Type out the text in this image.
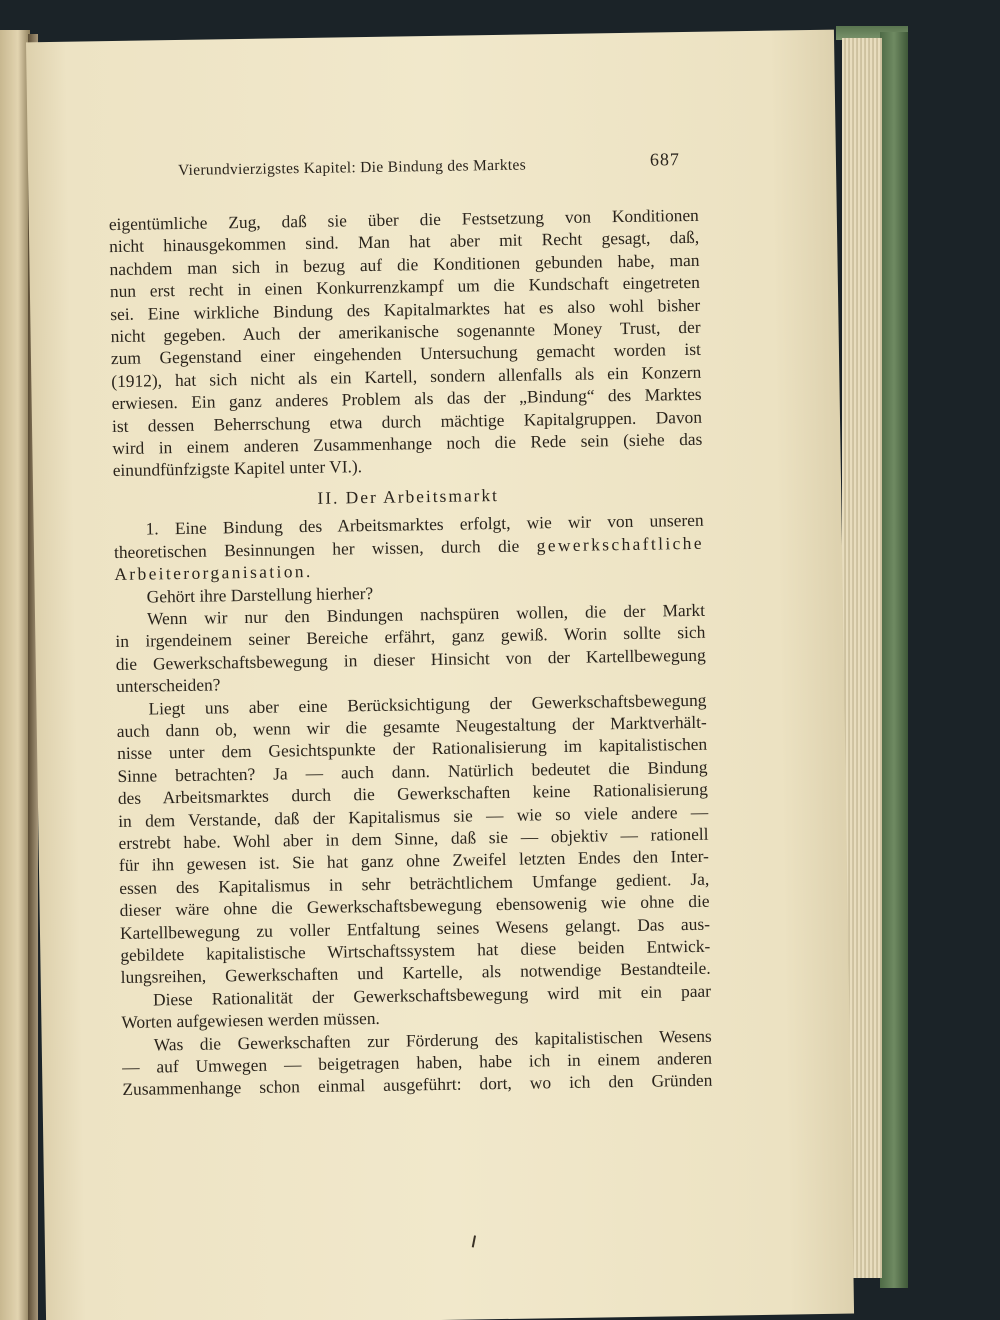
Vierundvierzigstes Kapitel: Die Bindung des Marktes	687
eigentümliche Zug, daß sie über die Festsetzung von Konditionen
nicht hinausgekommen sind. Man hat aber mit Recht gesagt, daß,
nachdem man sich in bezug auf die Konditionen gebunden habe, man
nun erst recht in einen Konkurrenzkampf um die Kundschaft eingetreten
sei. Eine wirkliche Bindung des Kapitalmarktes hat es also wohl bisher
nicht gegeben. Auch der amerikanische sogenannte Money Trust, der
zum Gegenstand einer eingehenden Untersuchung gemacht worden ist
(1912), hat sich nicht als ein Kartell, sondern allenfalls als ein Konzern
erwiesen. Ein ganz anderes Problem als das der „Bindung“ des Marktes
ist dessen Beherrschung etwa durch mächtige Kapitalgruppen. Davon
wird in einem anderen Zusammenhange noch die Rede sein (siehe das
einundfünfzigste Kapitel unter VI.).
II. Der Arbeitsmarkt
1. Eine Bindung des Arbeitsmarktes erfolgt, wie wir von unseren
theoretischen Besinnungen her wissen, durch die gewerkschaftliche
Arbeiterorganisation.
Gehört ihre Darstellung hierher?
Wenn wir nur den Bindungen nachspüren wollen, die der Markt
in irgendeinem seiner Bereiche erfährt, ganz gewiß. Worin sollte sich
die Gewerkschaftsbewegung in dieser Hinsicht von der Kartellbewegung
unterscheiden?
Liegt uns aber eine Berücksichtigung der Gewerkschaftsbewegung
auch dann ob, wenn wir die gesamte Neugestaltung der Marktverhält-
nisse unter dem Gesichtspunkte der Rationalisierung im kapitalistischen
Sinne betrachten? Ja — auch dann. Natürlich bedeutet die Bindung
des Arbeitsmarktes durch die Gewerkschaften keine Rationalisierung
in dem Verstande, daß der Kapitalismus sie — wie so viele andere —
erstrebt habe. Wohl aber in dem Sinne, daß sie — objektiv — rationell
für ihn gewesen ist. Sie hat ganz ohne Zweifel letzten Endes den Inter-
essen des Kapitalismus in sehr beträchtlichem Umfange gedient. Ja,
dieser wäre ohne die Gewerkschaftsbewegung ebensowenig wie ohne die
Kartellbewegung zu voller Entfaltung seines Wesens gelangt. Das aus-
gebildete kapitalistische Wirtschaftssystem hat diese beiden Entwick-
lungsreihen, Gewerkschaften und Kartelle, als notwendige Bestandteile.
Diese Rationalität der Gewerkschaftsbewegung wird mit ein paar
Worten aufgewiesen werden müssen.
Was die Gewerkschaften zur Förderung des kapitalistischen Wesens
— auf Umwegen — beigetragen haben, habe ich in einem anderen
Zusammenhange schon einmal ausgeführt: dort, wo ich den Gründen
